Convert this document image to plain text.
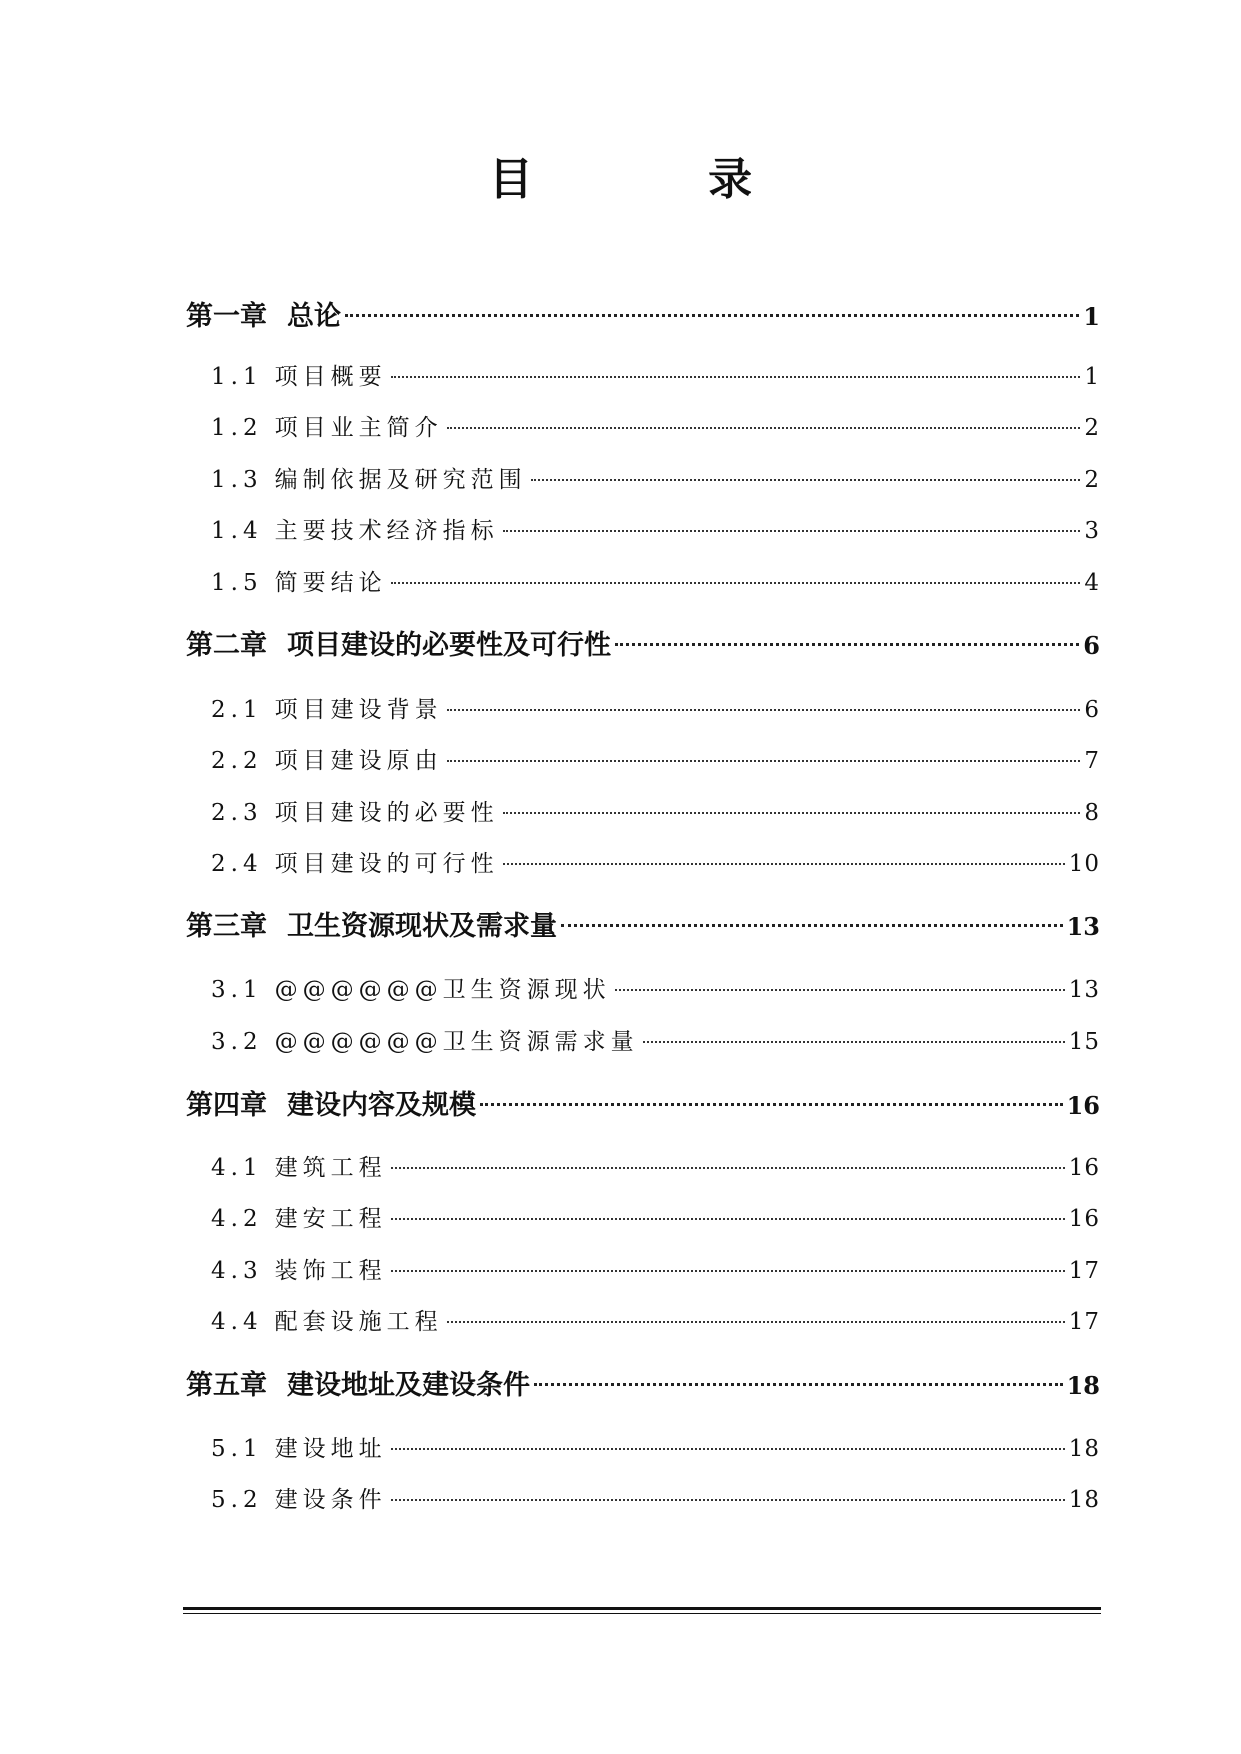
目 录
第一章 总论	1
1.1 项目概要	1
1.2 项目业主简介	2
1.3 编制依据及研究范围	2
1.4 主要技术经济指标	3
1.5 简要结论	4
第二章 项目建设的必要性及可行性	6
2.1 项目建设背景	6
2.2 项目建设原由	7
2.3 项目建设的必要性	8
2.4 项目建设的可行性	10
第三章 卫生资源现状及需求量	13
3.1 @@@@@@卫生资源现状	13
3.2 @@@@@@卫生资源需求量	15
第四章 建设内容及规模	16
4.1 建筑工程	16
4.2 建安工程	16
4.3 装饰工程	17
4.4 配套设施工程	17
第五章 建设地址及建设条件	18
5.1 建设地址	18
5.2 建设条件	18
